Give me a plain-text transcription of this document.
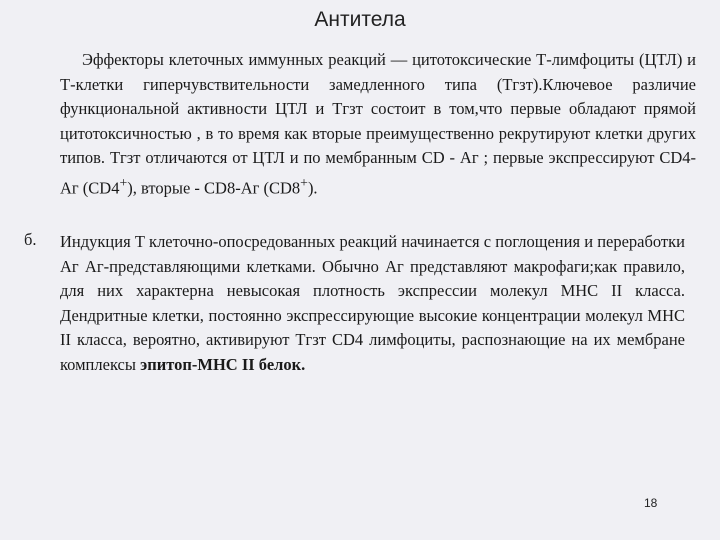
Антитела
Эффекторы клеточных иммунных реакций — цитотоксические Т-лимфоциты (ЦТЛ) и Т-клетки гиперчувствительности замедленного типа (Тгзт).Ключевое различие функциональной активности ЦТЛ и Тгзт состоит в том,что первые обладают прямой цитотоксичностью , в то время как вторые преимущественно рекрутируют клетки других типов. Тгзт отличаются от ЦТЛ и по мембранным CD - Аг ; первые экспрессируют CD4-Аг (CD4+), вторые - CD8-Аг (CD8+).
б. Индукция Т клеточно-опосредованных реакций начинается с поглощения и переработки Аг Аг-представляющими клетками. Обычно Аг представляют макрофаги;как правило, для них характерна невысокая плотность экспрессии молекул МНС II класса. Дендритные клетки, постоянно экспрессирующие высокие концентрации молекул МНС II класса, вероятно, активируют Тгзт CD4 лимфоциты, распознающие на их мембране комплексы эпитоп-МНС II белок.
18
